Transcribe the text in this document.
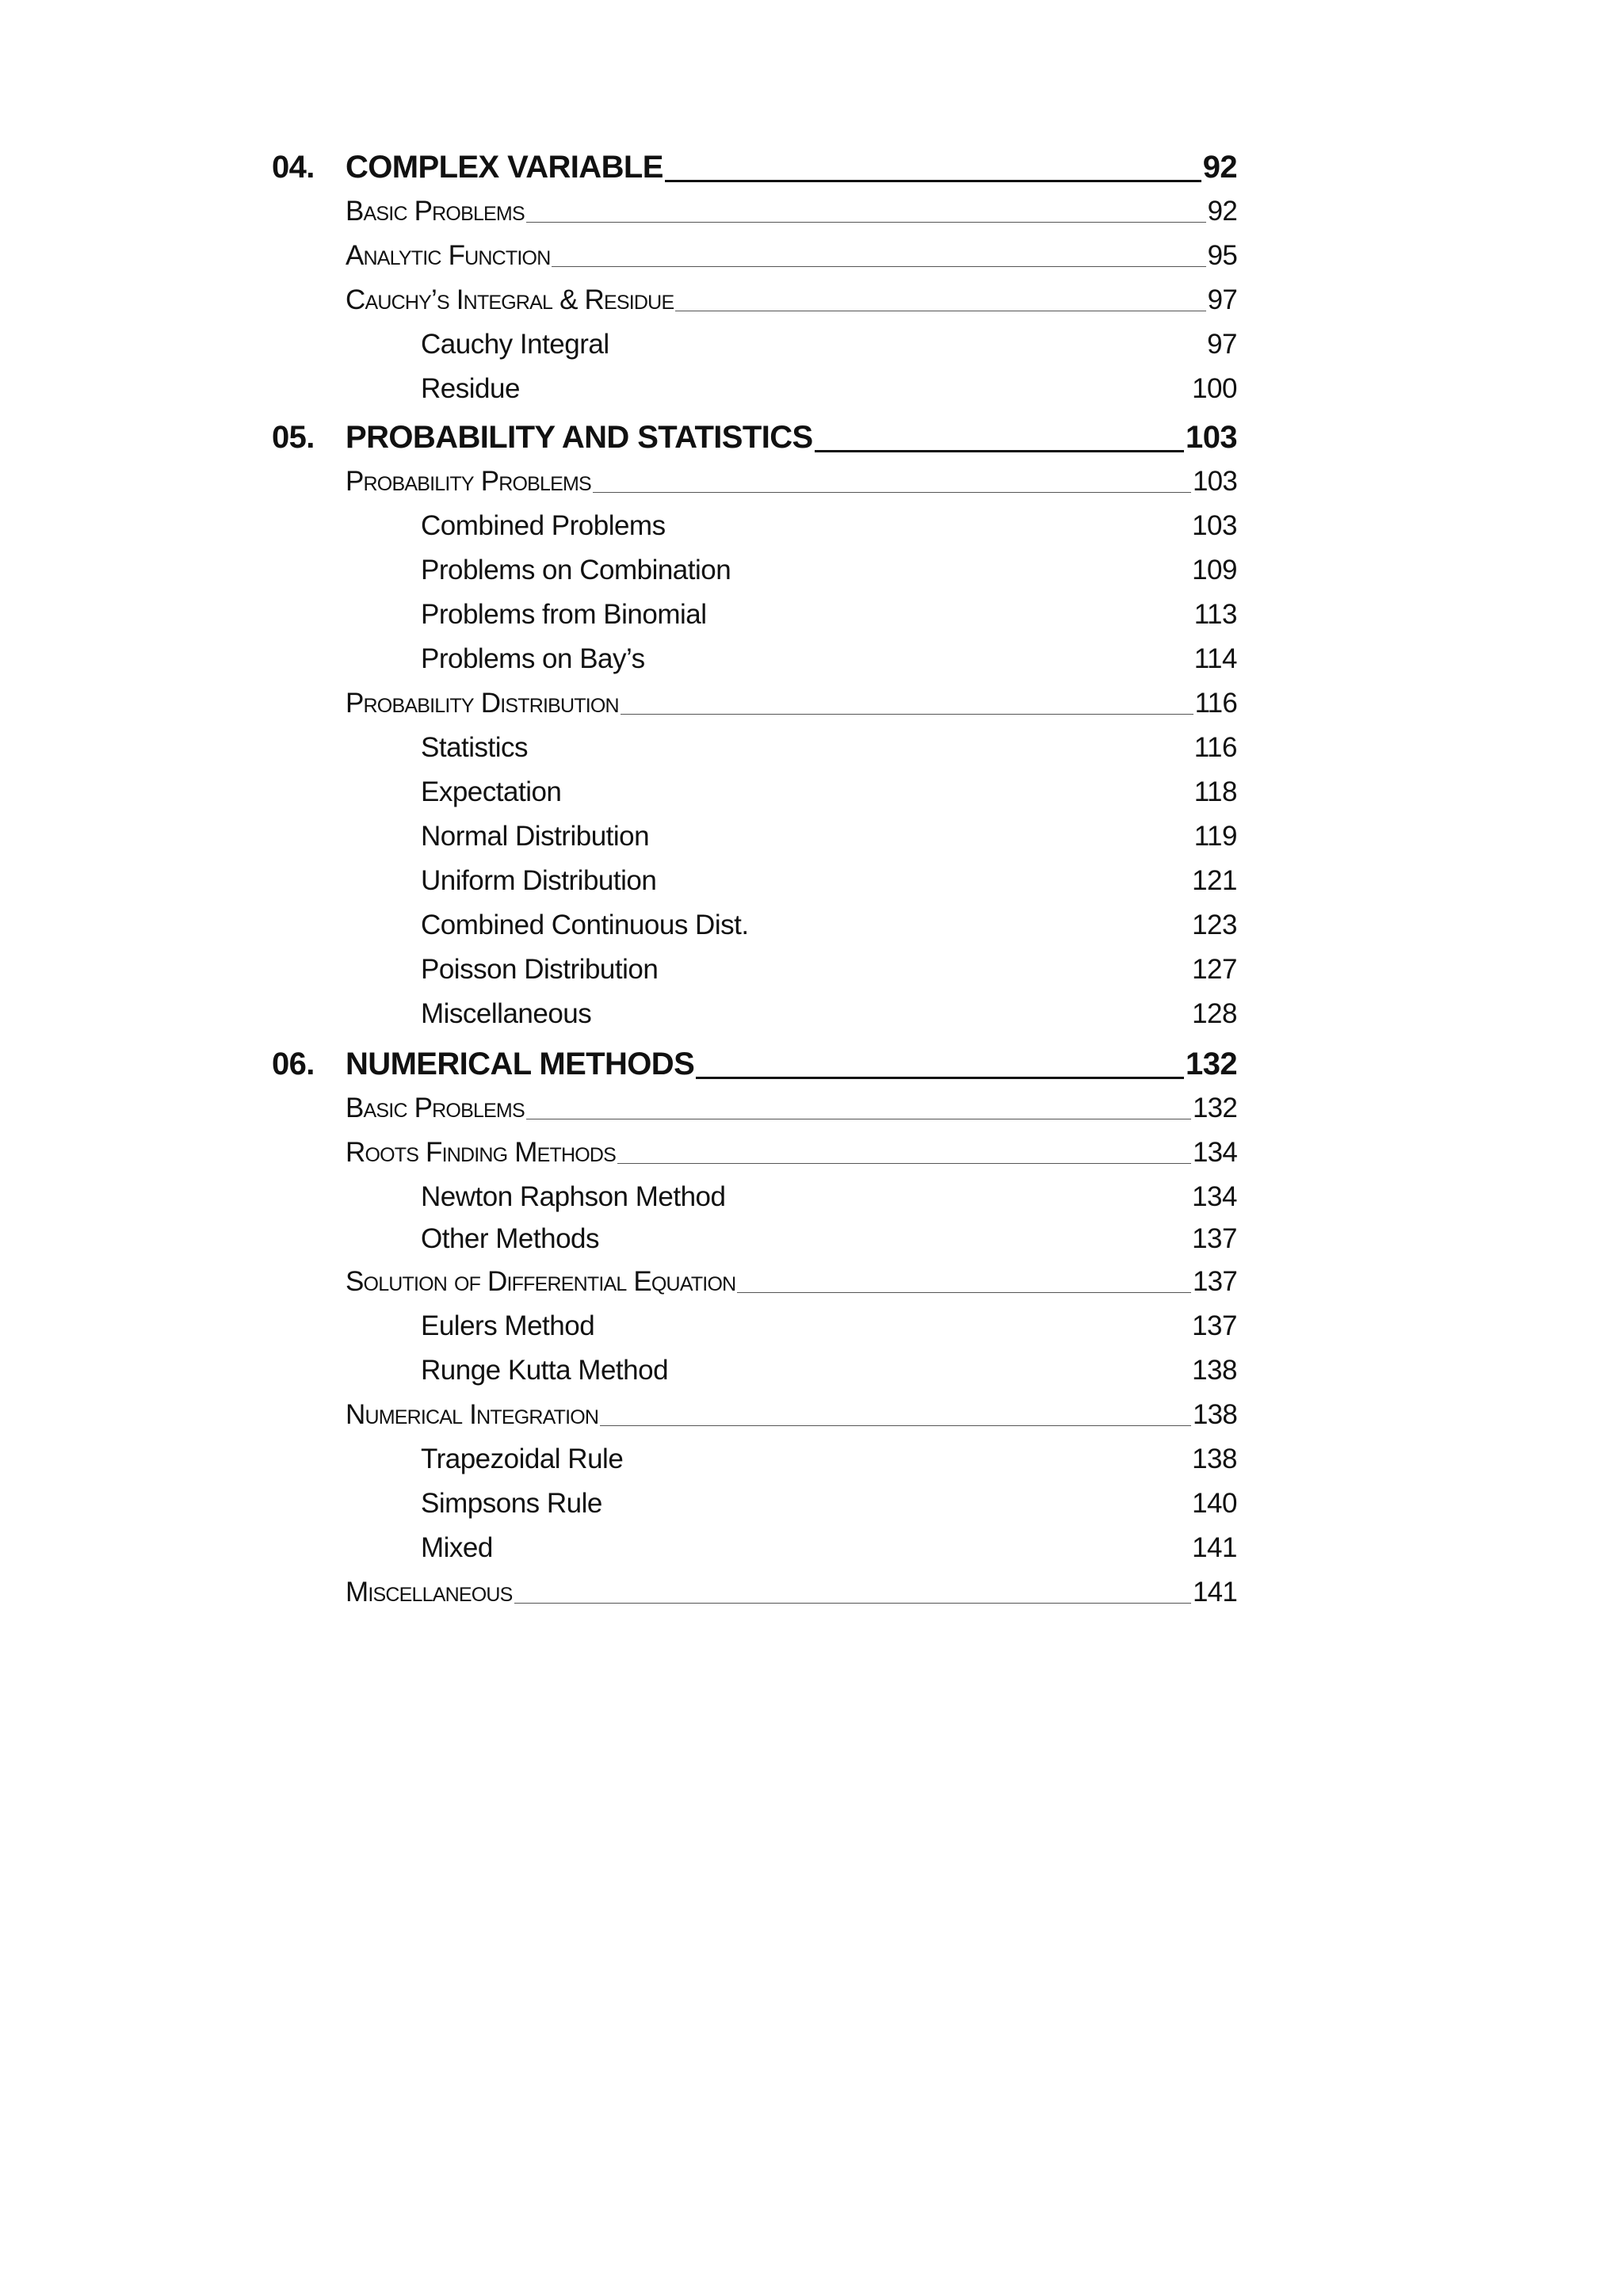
04. COMPLEX VARIABLE	92
Basic Problems	92
Analytic Function	95
Cauchy’s Integral & Residue	97
Cauchy Integral	97
Residue	100
05. PROBABILITY AND STATISTICS	103
Probability Problems	103
Combined Problems	103
Problems on Combination	109
Problems from Binomial	113
Problems on Bay’s	114
Probability Distribution	116
Statistics	116
Expectation	118
Normal Distribution	119
Uniform Distribution	121
Combined Continuous Dist.	123
Poisson Distribution	127
Miscellaneous	128
06. NUMERICAL METHODS	132
Basic Problems	132
Roots Finding Methods	134
Newton Raphson Method	134
Other Methods	137
Solution of Differential Equation	137
Eulers Method	137
Runge Kutta Method	138
Numerical Integration	138
Trapezoidal Rule	138
Simpsons Rule	140
Mixed	141
Miscellaneous	141
